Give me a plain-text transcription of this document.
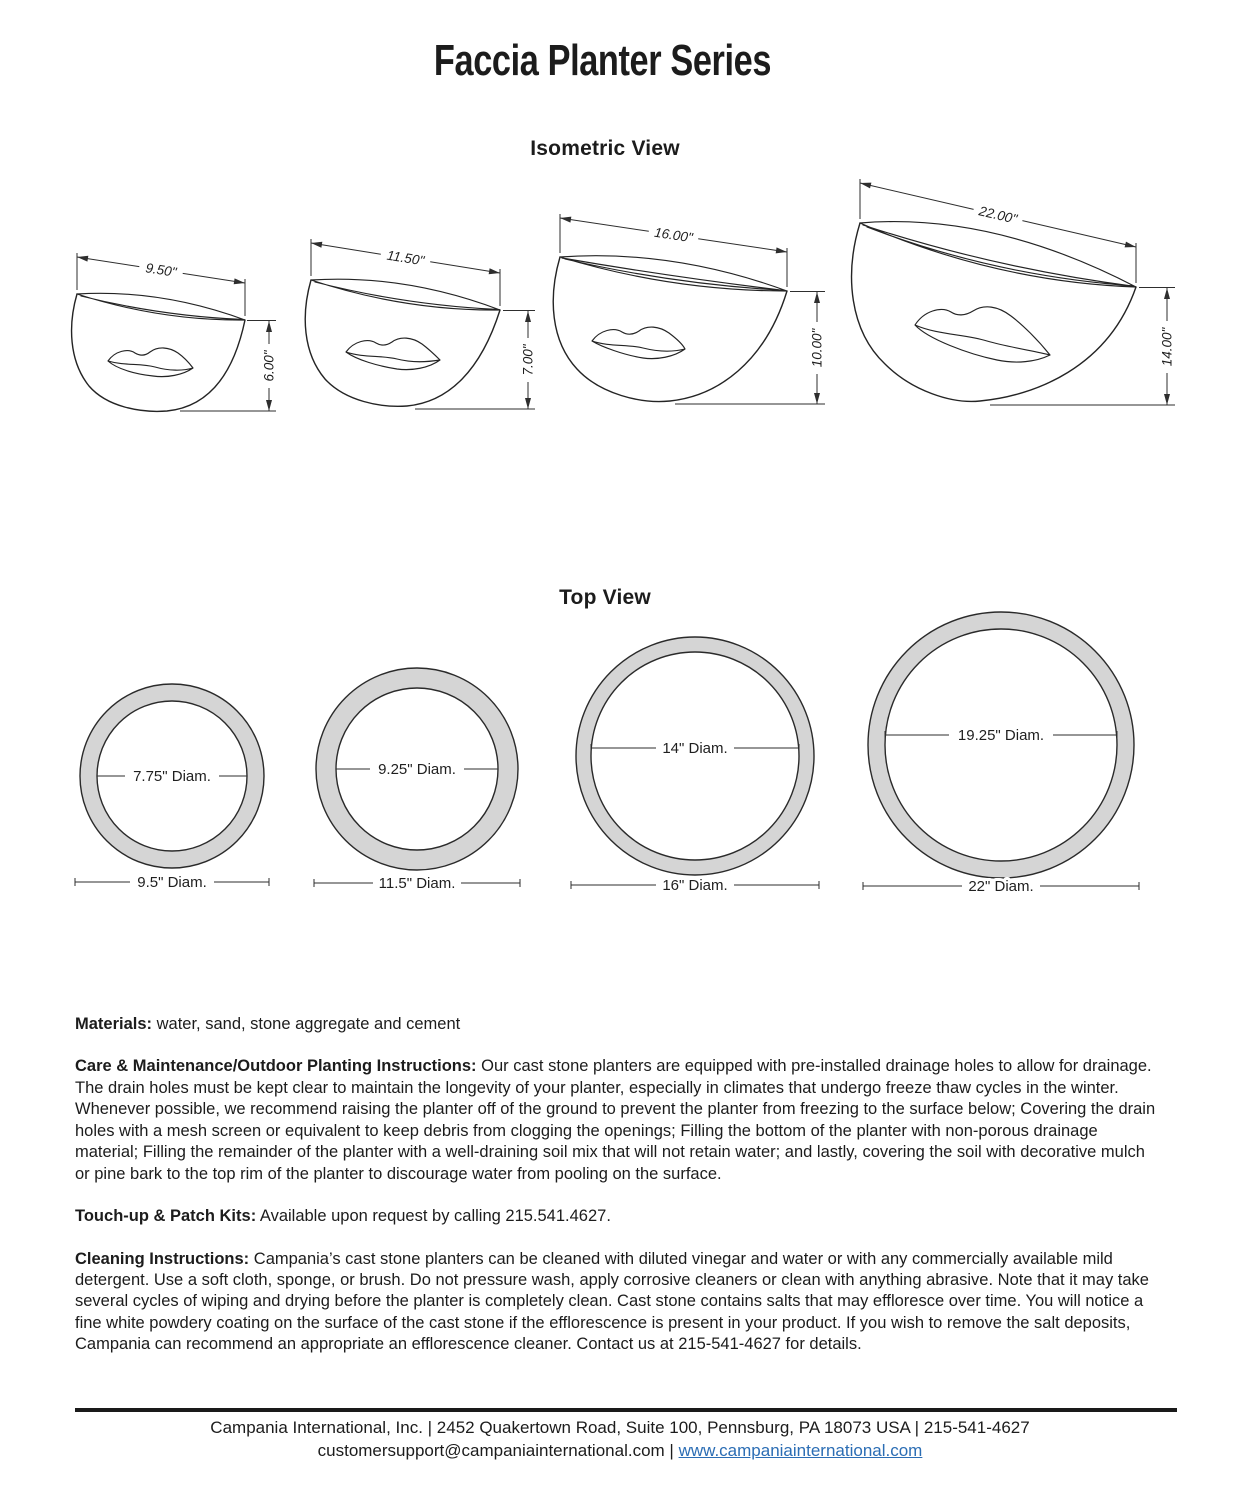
Faccia Planter Series
Isometric View
9.50"
6.00"
11.50"
7.00"
16.00"
10.00"
22.00"
14.00"
Top View
7.75" Diam.
9.5" Diam.
9.25" Diam.
11.5" Diam.
14" Diam.
16" Diam.
19.25" Diam.
22" Diam.

Materials: water, sand, stone aggregate and cement

Care & Maintenance/Outdoor Planting Instructions: Our cast stone planters are equipped with pre-installed drainage holes to allow for drainage. The drain holes must be kept clear to maintain the longevity of your planter, especially in climates that undergo freeze thaw cycles in the winter. Whenever possible, we recommend raising the planter off of the ground to prevent the planter from freezing to the surface below; Covering the drain holes with a mesh screen or equivalent to keep debris from clogging the openings; Filling the bottom of the planter with non-porous drainage material; Filling the remainder of the planter with a well-draining soil mix that will not retain water; and lastly, covering the soil with decorative mulch or pine bark to the top rim of the planter to discourage water from pooling on the surface.

Touch-up & Patch Kits: Available upon request by calling 215.541.4627.

Cleaning Instructions: Campania’s cast stone planters can be cleaned with diluted vinegar and water or with any commercially available mild detergent. Use a soft cloth, sponge, or brush. Do not pressure wash, apply corrosive cleaners or clean with anything abrasive. Note that it may take several cycles of wiping and drying before the planter is completely clean. Cast stone contains salts that may effloresce over time. You will notice a fine white powdery coating on the surface of the cast stone if the efflorescence is present in your product. If you wish to remove the salt deposits, Campania can recommend an appropriate an efflorescence cleaner. Contact us at 215-541-4627 for details.

Campania International, Inc. | 2452 Quakertown Road, Suite 100, Pennsburg, PA 18073 USA | 215-541-4627
customersupport@campaniainternational.com | www.campaniainternational.com
